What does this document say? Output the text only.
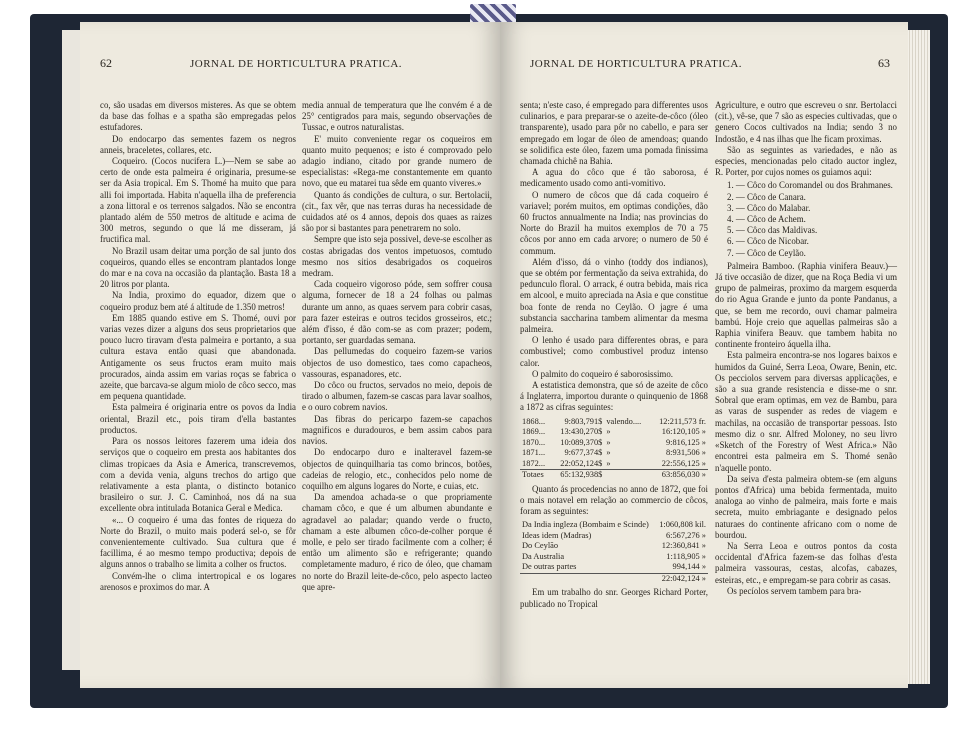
62	JORNAL DE HORTICULTURA PRATICA.	JORNAL DE HORTICULTURA PRATICA.	63

co, são usadas em diversos misteres. As que se obtem da base das folhas e a spatha são empregadas pelos estufadores.

Do endocarpo das sementes fazem os negros anneis, braceletes, collares, etc.

Coqueiro. (Cocos nucifera L.)—Nem se sabe ao certo de onde esta palmeira é originaria, presume-se ser da Asia tropical. Em S. Thomé ha muito que para alli foi importada. Habita n'aquella ilha de preferencia a zona littoral e os terrenos salgados. Não se encontra plantado além de 550 metros de altitude e acima de 300 metros, segundo o que lá me disseram, já fructifica mal.

No Brazil usam deitar uma porção de sal junto dos coqueiros, quando elles se encontram plantados longe do mar e na cova na occasião da plantação. Basta 18 a 20 litros por planta.

Na India, proximo do equador, dizem que o coqueiro produz bem até á altitude de 1.350 metros!

Em 1885 quando estive em S. Thomé, ouvi por varias vezes dizer a alguns dos seus proprietarios que pouco lucro tiravam d'esta palmeira e portanto, a sua cultura estava então quasi que abandonada. Antigamente os seus fructos eram muito mais procurados, ainda assim em varias roças se fabrica o azeite, que barcava-se algum miolo de côco secco, mas em pequena quantidade.

Esta palmeira é originaria entre os povos da India oriental, Brazil etc., pois tiram d'ella bastantes productos.

Para os nossos leitores fazerem uma ideia dos serviços que o coqueiro em presta aos habitantes dos climas tropicaes da Asia e America, transcrevemos, com a devida venia, alguns trechos do artigo que relativamente a esta planta, o distincto botanico brasileiro o sur. J. C. Caminhoá, nos dá na sua excellente obra intitulada Botanica Geral e Medica.

«... O coqueiro é uma das fontes de riqueza do Norte do Brazil, o muito mais poderá sel-o, se fôr convenientemente cultivado. Sua cultura que é facillima, é ao mesmo tempo productiva; depois de alguns annos o trabalho se limita a colher os fructos.

Convém-lhe o clima intertropical e os logares arenosos e proximos do mar. A

media annual de temperatura que lhe convém é a de 25° centigrados para mais, segundo observações de Tussac, e outros naturalistas.

E' muito conveniente regar os coqueiros em quanto muito pequenos; e isto é comprovado pelo adagio indiano, citado por grande numero de especialistas: «Rega-me constantemente em quanto novo, que eu matarei tua sêde em quanto viveres.»

Quanto ás condições de cultura, o sur. Bertolacii, (cit., fax vêr, que nas terras duras ha necessidade de cuidados até os 4 annos, depois dos quaes as raizes são por si bastantes para penetrarem no solo.

Sempre que isto seja possivel, deve-se escolher as costas abrigadas dos ventos impetuosos, comtudo mesmo nos sitios desabrigados os coqueiros medram.

Cada coqueiro vigoroso póde, sem soffrer cousa alguma, fornecer de 18 a 24 folhas ou palmas durante um anno, as quaes servem para cobrir casas, para fazer esteiras e outros tecidos grosseiros, etc.; além d'isso, é dão com-se as com prazer; podem, portanto, ser guardadas semana.

Das pellumedas do coqueiro fazem-se varios objectos de uso domestico, taes como capacheos, vassouras, espanadores, etc.

Do côco ou fructos, servados no meio, depois de tirado o albumen, fazem-se cascas para lavar soalhos, e o ouro cobrem navios.

Das fibras do pericarpo fazem-se capachos magnificos e duradouros, e bem assim cabos para navios.

Do endocarpo duro e inalteravel fazem-se objectos de quinquilharia tas como brincos, botões, cadeias de relogio, etc., conhecidos pelo nome de coquilho em alguns logares do Norte, e cuias, etc.

Da amendoa achada-se o que propriamente chamam côco, e que é um albumen abundante e agradavel ao paladar; quando verde o fructo, chamam a este albumen côco-de-colher porque é molle, e pelo ser tirado facilmente com a colher; é então um alimento são e refrigerante; quando completamente maduro, é rico de óleo, que chamam no norte do Brazil leite-de-côco, pelo aspecto lacteo que apre-

senta; n'este caso, é empregado para differentes usos culinarios, e para preparar-se o azeite-de-côco (óleo transparente), usado para pôr no cabello, e para ser empregado em logar de óleo de amendoas; quando se solidifica este óleo, fazem uma pomada finissima chamada chichê na Bahia.

A agua do côco que é tão saborosa, é medicamento usado como anti-vomitivo.

O numero de côcos que dá cada coqueiro é variavel; porém muitos, em optimas condições, dão 60 fructos annualmente na India; nas provincias do Norte do Brazil ha muitos exemplos de 70 a 75 côcos por anno em cada arvore; o numero de 50 é commum.

Além d'isso, dá o vinho (toddy dos indianos), que se obtém por fermentação da seiva extrahida, do pedunculo floral. O arrack, é outra bebida, mais rica em alcool, e muito apreciada na Asia e que constitue boa fonte de renda no Ceylão. O jagre é uma substancia saccharina tambem alimentar da mesma palmeira.

O lenho é usado para differentes obras, e para combustivel; como combustivel produz intenso calor.

O palmito do coqueiro é saborosissimo.

A estatistica demonstra, que só de azeite de côco á Inglaterra, importou durante o quinquenio de 1868 a 1872 as cifras seguintes:

1868...	9:803,791$	valendo....	12:211,573 fr.
1869...	13:430,270$	»	16:120,105 »
1870...	10:089,370$	»	9:816,125 »
1871...	9:677,374$	»	8:931,506 »
1872...	22:052,124$	»	22:556,125 »
Totaes	65:132,938$		63:856,030 »

Quanto ás procedencias no anno de 1872, que foi o mais notavel em relação ao commercio de côcos, foram as seguintes:

Da India ingleza (Bombaim e Scinde)	1:060,808 kil.
Ideas idem (Madras)	6:567,276 »
Do Ceylão	12:360,841 »
Da Australia	1:118,905 »
De outras partes	994,144 »
	22:042,124 »

Em um trabalho do snr. Georges Richard Porter, publicado no Tropical

Agriculture, e outro que escreveu o snr. Bertolacci (cit.), vê-se, que 7 são as especies cultivadas, que o genero Cocos cultivados na India; sendo 3 no Indostão, e 4 nas ilhas que lhe ficam proximas.

São as seguintes as variedades, e não as especies, mencionadas pelo citado auctor inglez, R. Porter, por cujos nomes os guiamos aqui:

1. — Côco do Coromandel ou dos Brahmanes.
2. — Côco de Canara.
3. — Côco do Malabar.
4. — Côco de Achem.
5. — Côco das Maldivas.
6. — Côco de Nicobar.
7. — Côco de Ceylão.

Palmeira Bamboo. (Raphia vinifera Beauv.)—Já tive occasião de dizer, que na Roça Bedia vi um grupo de palmeiras, proximo da margem esquerda do rio Agua Grande e junto da ponte Pandanus, a que, se bem me recordo, ouvi chamar palmeira bambú. Hoje creio que aquellas palmeiras são a Raphia vinifera Beauv. que tambem habita no continente fronteiro áquella ilha.

Esta palmeira encontra-se nos logares baixos e humidos da Guiné, Serra Leoa, Oware, Benin, etc. Os pecciolos servem para diversas applicações, e são a sua grande resistencia e disse-me o snr. Sobral que eram optimas, em vez de Bambu, para as varas de suspender as redes de viagem e machilas, na occasião de transportar pessoas. Isto mesmo diz o snr. Alfred Moloney, no seu livro «Sketch of the Forestry of West Africa.» Não encontrei esta palmeira em S. Thomé senão n'aquelle ponto.

Da seiva d'esta palmeira obtem-se (em alguns pontos d'Africa) uma bebida fermentada, muito analoga ao vinho de palmeira, mais forte e mais secreta, muito embriagante e designado pelos naturaes do continente africano com o nome de bourdou.

Na Serra Leoa e outros pontos da costa occidental d'Africa fazem-se das folhas d'esta palmeira vassouras, cestas, alcofas, cabazes, esteiras, etc., e empregam-se para cobrir as casas.

Os pecíolos servem tambem para bra-
